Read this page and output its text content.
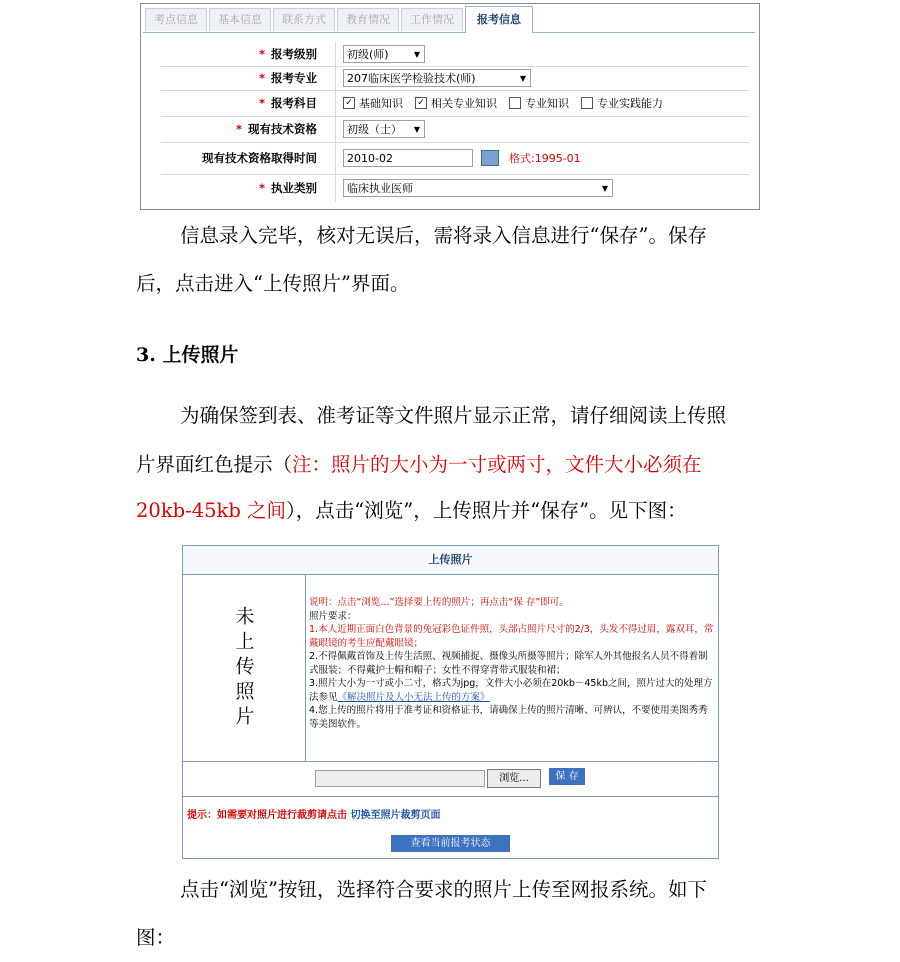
考点信息	基本信息	联系方式	教育情况	工作情况	报考信息
* 报考级别	初级(师)	▼
* 报考专业	207临床医学检验技术(师)	▼
* 报考科目	✓ 基础知识 ✓ 相关专业知识	专业知识	专业实践能力
* 现有技术资格	初级（士） ▼
现有技术资格取得时间	2010-02	格式:1995-01
* 执业类别	临床执业医师	▼
信息录入完毕，核对无误后，需将录入信息进行“保存”。保存
后，点击进入“上传照片”界面。
3. 上传照片
为确保签到表、准考证等文件照片显示正常，请仔细阅读上传照
片界面红色提示（注：照片的大小为一寸或两寸，文件大小必须在
20kb-45kb 之间），点击“浏览”，上传照片并“保存”。见下图：
上传照片
未上传照片
说明：点击“浏览...”选择要上传的照片；再点击“保 存”即可。
照片要求：
1.本人近期正面白色背景的免冠彩色证件照，头部占照片尺寸的2/3，头发不得过眉，露双耳，常戴眼镜的考生应配戴眼镜；
2.不得佩戴首饰及上传生活照、视频捕捉、摄像头所摄等照片；除军人外其他报名人员不得着制式服装；不得戴护士帽和帽子；女性不得穿背带式服装和裙；
3.照片大小为一寸或小二寸，格式为jpg，文件大小必须在20kb－45kb之间，照片过大的处理方法参见《解决照片及人小无法上传的方案》
4.您上传的照片将用于准考证和资格证书，请确保上传的照片清晰、可辨认，不要使用美图秀秀等美图软件。
浏览...	保 存
提示：如需要对照片进行裁剪请点击 切换至照片裁剪页面
查看当前报考状态
点击“浏览”按钮，选择符合要求的照片上传至网报系统。如下
图：
